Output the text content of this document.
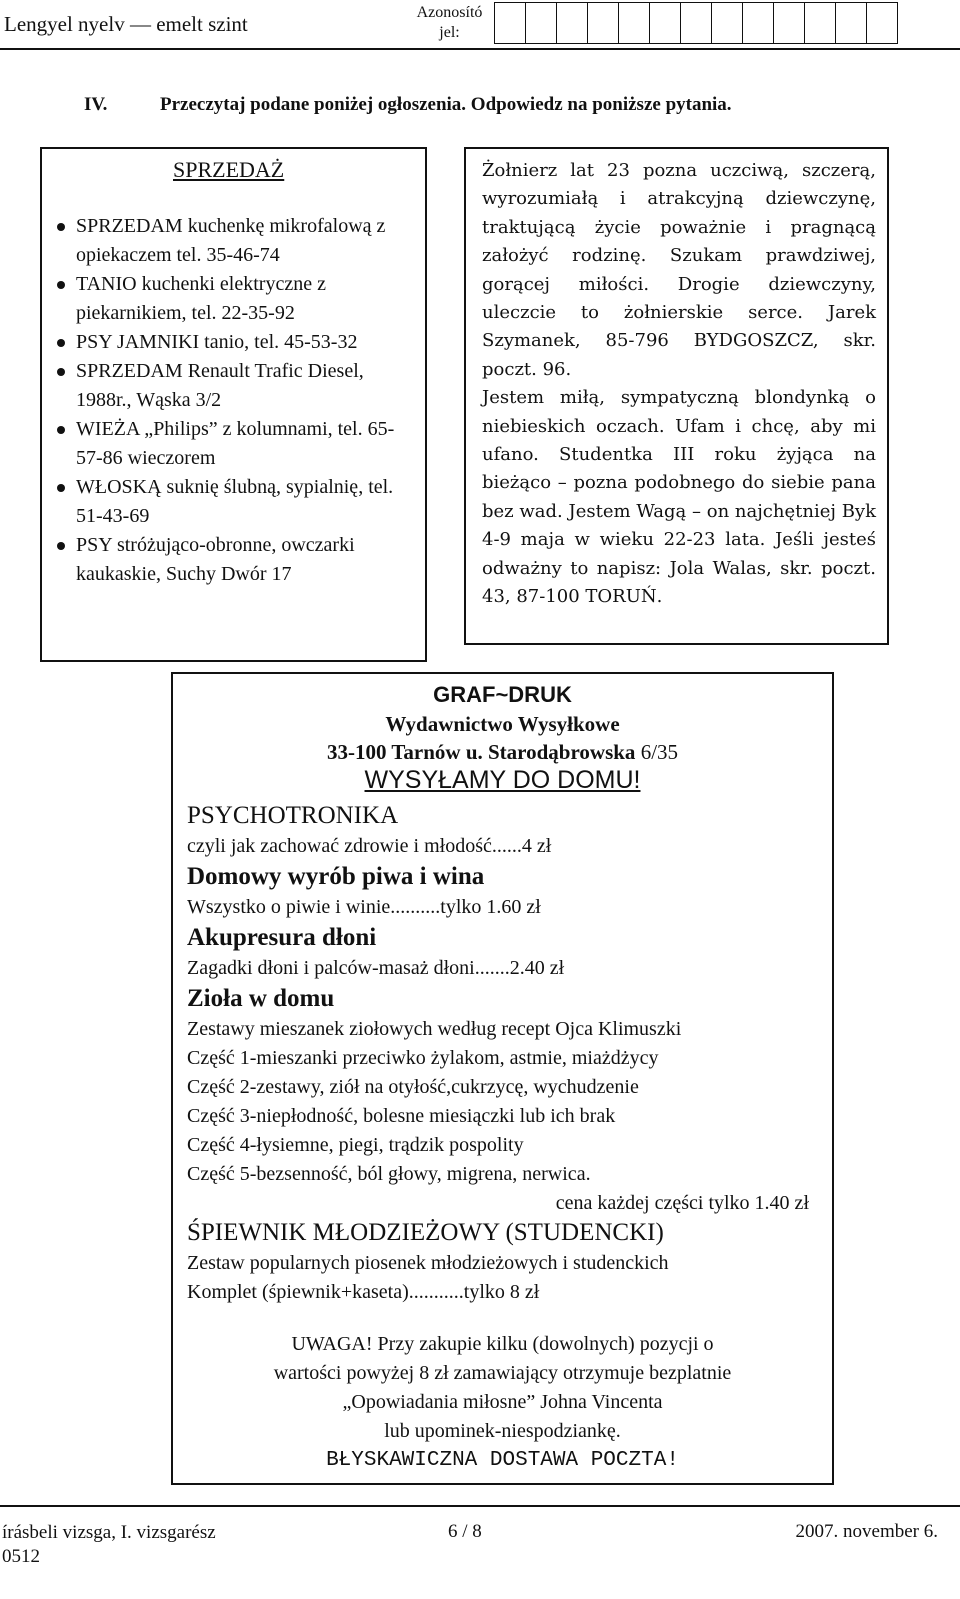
Lengyel nyelv — emelt szint	Azonosító
jel:
IV.	Przeczytaj podane poniżej ogłoszenia. Odpowiedz na poniższe pytania.
SPRZEDAŻ
SPRZEDAM kuchenkę mikrofalową z opiekaczem tel. 35-46-74
TANIO kuchenki elektryczne z piekarnikiem, tel. 22-35-92
PSY JAMNIKI tanio, tel. 45-53-32
SPRZEDAM Renault Trafic Diesel, 1988r., Wąska 3/2
WIEŻA „Philips” z kolumnami, tel. 65-57-86 wieczorem
WŁOSKĄ suknię ślubną, sypialnię, tel. 51-43-69
PSY stróżująco-obronne, owczarki kaukaskie, Suchy Dwór 17

Żołnierz lat 23 pozna uczciwą, szczerą, wyrozumiałą i atrakcyjną dziewczynę, traktującą życie poważnie i pragnącą założyć rodzinę. Szukam prawdziwej, gorącej miłości. Drogie dziewczyny, uleczcie to żołnierskie serce. Jarek Szymanek, 85-796 BYDGOSZCZ, skr. poczt. 96.

Jestem miłą, sympatyczną blondynką o niebieskich oczach. Ufam i chcę, aby mi ufano. Studentka III roku żyjąca na bieżąco – pozna podobnego do siebie pana bez wad. Jestem Wagą – on najchętniej Byk 4-9 maja w wieku 22-23 lata. Jeśli jesteś odważny to napisz: Jola Walas, skr. poczt. 43, 87-100 TORUŃ.

GRAF~DRUK
Wydawnictwo Wysyłkowe
33-100 Tarnów u. Starodąbrowska 6/35
WYSYŁAMY DO DOMU!
PSYCHOTRONIKA
czyli jak zachować zdrowie i młodość......4 zł
Domowy wyrób piwa i wina
Wszystko o piwie i winie..........tylko 1.60 zł
Akupresura dłoni
Zagadki dłoni i palców-masaż dłoni.......2.40 zł
Zioła w domu
Zestawy mieszanek ziołowych według recept Ojca Klimuszki
Część 1-mieszanki przeciwko żylakom, astmie, miażdżycy
Część 2-zestawy, ziół na otyłość,cukrzycę, wychudzenie
Część 3-niepłodność, bolesne miesiączki lub ich brak
Część 4-łysiemne, piegi, trądzik pospolity
Część 5-bezsenność, ból głowy, migrena, nerwica.
cena każdej części tylko 1.40 zł
ŚPIEWNIK MŁODZIEŻOWY (STUDENCKI)
Zestaw popularnych piosenek młodzieżowych i studenckich
Komplet (śpiewnik+kaseta)...........tylko 8 zł
UWAGA! Przy zakupie kilku (dowolnych) pozycji o
wartości powyżej 8 zł zamawiający otrzymuje bezplatnie
„Opowiadania miłosne” Johna Vincenta
lub upominek-niespodziankę.
BŁYSKAWICZNA DOSTAWA POCZTA!
írásbeli vizsga, I. vizsgarész
0512
6 / 8	2007. november 6.
